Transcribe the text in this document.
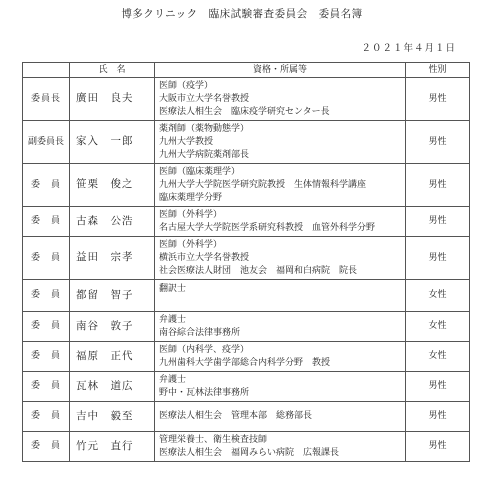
博多クリニック　臨床試験審査委員会　委員名簿
２０２１年４月１日
	氏　名	資格・所属等	性別
委員長	廣田　良夫	医師（疫学）
大阪市立大学名誉教授
医療法人相生会　臨床疫学研究センター長	男性
副委員長	家入　一郎	薬剤師（薬物動態学）
九州大学教授
九州大学病院薬剤部長	男性
委　員	笹栗　俊之	医師（臨床薬理学）
九州大学大学院医学研究院教授　生体情報科学講座
臨床薬理学分野	男性
委　員	古森　公浩	医師（外科学）
名古屋大学大学院医学系研究科教授　血管外科学分野	男性
委　員	益田　宗孝	医師（外科学）
横浜市立大学名誉教授
社会医療法人財団　池友会　福岡和白病院　院長	男性
委　員	都留　智子	翻訳士	女性
委　員	南谷　敦子	弁護士
南谷綜合法律事務所	女性
委　員	福原　正代	医師（内科学、疫学）
九州歯科大学歯学部総合内科学分野　教授	女性
委　員	瓦林　道広	弁護士
野中・瓦林法律事務所	男性
委　員	吉中　毅至	医療法人相生会　管理本部　総務部長	男性
委　員	竹元　直行	管理栄養士、衛生検査技師
医療法人相生会　福岡みらい病院　広報課長	男性
